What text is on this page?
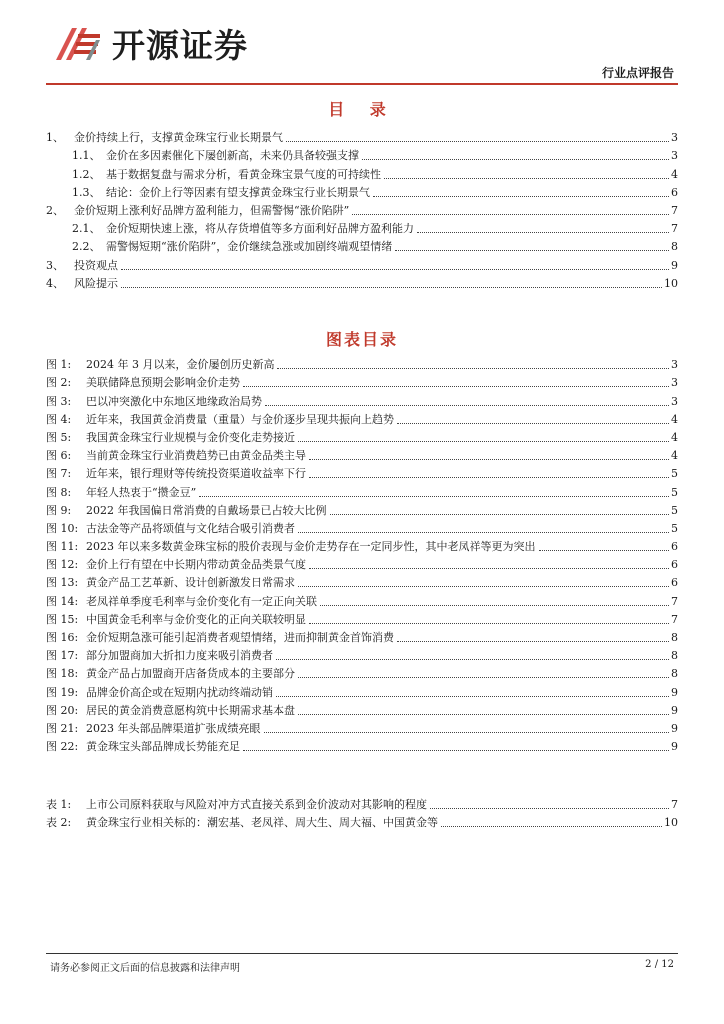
开源证券
行业点评报告
目 录
1、 金价持续上行，支撑黄金珠宝行业长期景气	3
1.1、 金价在多因素催化下屡创新高，未来仍具备较强支撑	3
1.2、 基于数据复盘与需求分析，看黄金珠宝景气度的可持续性	4
1.3、 结论：金价上行等因素有望支撑黄金珠宝行业长期景气	6
2、 金价短期上涨利好品牌方盈利能力，但需警惕“涨价陷阱”	7
2.1、 金价短期快速上涨，将从存货增值等多方面利好品牌方盈利能力	7
2.2、 需警惕短期“涨价陷阱”，金价继续急涨或加剧终端观望情绪	8
3、 投资观点	9
4、 风险提示	10
图表目录
图 1:	2024 年 3 月以来，金价屡创历史新高	3
图 2:	美联储降息预期会影响金价走势	3
图 3:	巴以冲突激化中东地区地缘政治局势	3
图 4:	近年来，我国黄金消费量（重量）与金价逐步呈现共振向上趋势	4
图 5:	我国黄金珠宝行业规模与金价变化走势接近	4
图 6:	当前黄金珠宝行业消费趋势已由黄金品类主导	4
图 7:	近年来，银行理财等传统投资渠道收益率下行	5
图 8:	年轻人热衷于“攒金豆”	5
图 9:	2022 年我国偏日常消费的自戴场景已占较大比例	5
图 10: 古法金等产品将颂值与文化结合吸引消费者	5
图 11: 2023 年以来多数黄金珠宝标的股价表现与金价走势存在一定同步性，其中老凤祥等更为突出	6
图 12: 金价上行有望在中长期内带动黄金品类景气度	6
图 13: 黄金产品工艺革新、设计创新激发日常需求	6
图 14: 老凤祥单季度毛利率与金价变化有一定正向关联	7
图 15: 中国黄金毛利率与金价变化的正向关联较明显	7
图 16: 金价短期急涨可能引起消费者观望情绪，进而抑制黄金首饰消费	8
图 17: 部分加盟商加大折扣力度来吸引消费者	8
图 18: 黄金产品占加盟商开店备货成本的主要部分	8
图 19: 品牌金价高企或在短期内扰动终端动销	9
图 20: 居民的黄金消费意愿构筑中长期需求基本盘	9
图 21: 2023 年头部品牌渠道扩张成绩亮眼	9
图 22: 黄金珠宝头部品牌成长势能充足	9
表 1:	上市公司原料获取与风险对冲方式直接关系到金价波动对其影响的程度	7
表 2:	黄金珠宝行业相关标的：潮宏基、老凤祥、周大生、周大福、中国黄金等	10
请务必参阅正文后面的信息披露和法律声明	2 / 12
